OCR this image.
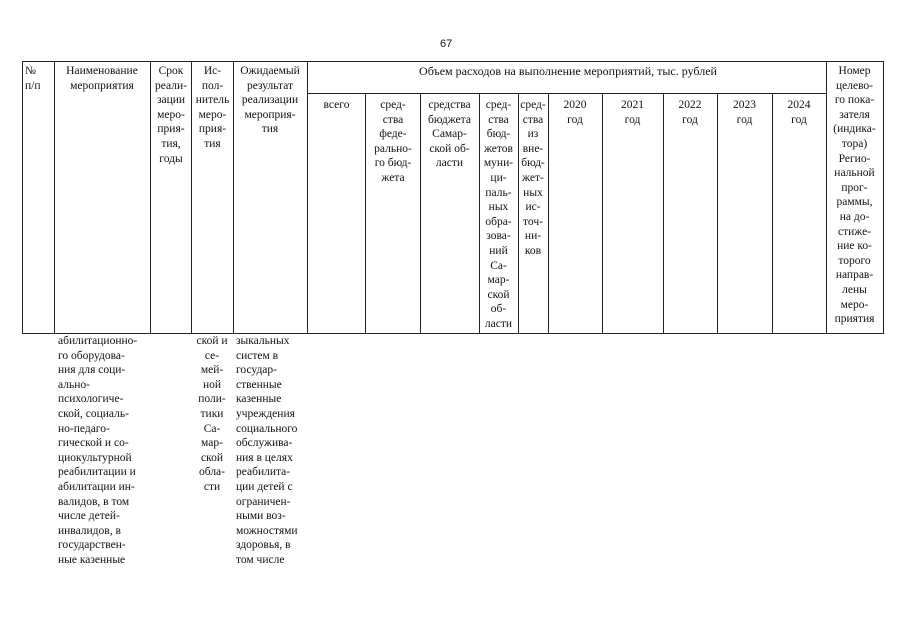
67
№
п/п
Наименование
мероприятия
Срок
реали-
зации
меро-
прия-
тия,
годы
Ис-
пол-
нитель
меро-
прия-
тия
Ожидаемый
результат
реализации
мероприя-
тия
Объем расходов на выполнение мероприятий, тыс. рублей
всего	сред-
ства
феде-
рально-
го бюд-
жета
средства
бюджета
Самар-
ской об-
ласти
сред-
ства
бюд-
жетов
муни-
ци-
паль-
ных
обра-
зова-
ний
Са-
мар-
ской
об-
ласти
сред-
ства
из
вне-
бюд-
жет-
ных
ис-
точ-
ни-
ков
2020
год
2021
год
2022
год
2023
год
2024
год
Номер
целево-
го пока-
зателя
(индика-
тора)
Регио-
нальной
прог-
раммы,
на до-
стиже-
ние ко-
торого
направ-
лены
меро-
приятия
абилитационно-
го оборудова-
ния для соци-
ально-
психологиче-
ской, социаль-
но-педаго-
гической и со-
циокультурной
реабилитации и
абилитации ин-
валидов, в том
числе детей-
инвалидов, в
государствен-
ные казенные
ской и
се-
мей-
ной
поли-
тики
Са-
мар-
ской
обла-
сти
зыкальных
систем в
государ-
ственные
казенные
учреждения
социального
обслужива-
ния в целях
реабилита-
ции детей с
ограничен-
ными воз-
можностями
здоровья, в
том числе
